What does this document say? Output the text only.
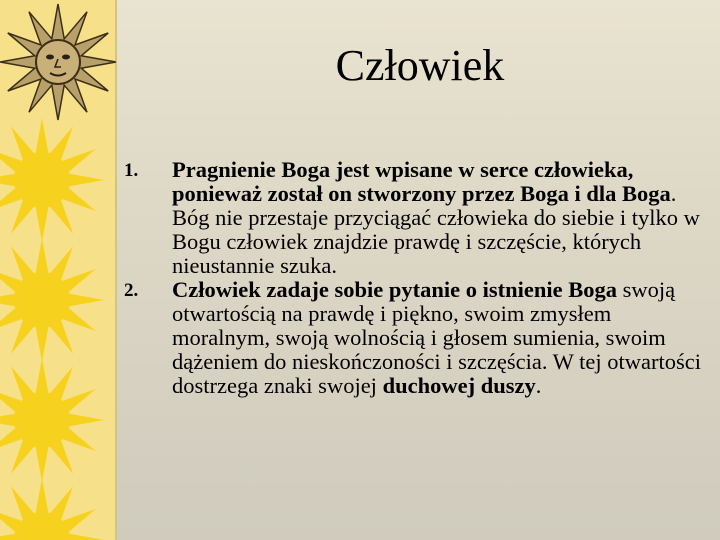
Człowiek

1. Pragnienie Boga jest wpisane w serce człowieka, ponieważ został on stworzony przez Boga i dla Boga. Bóg nie przestaje przyciągać człowieka do siebie i tylko w Bogu człowiek znajdzie prawdę i szczęście, których nieustannie szuka.

2. Człowiek zadaje sobie pytanie o istnienie Boga swoją otwartością na prawdę i piękno, swoim zmysłem moralnym, swoją wolnością i głosem sumienia, swoim dążeniem do nieskończoności i szczęścia. W tej otwartości dostrzega znaki swojej duchowej duszy.
